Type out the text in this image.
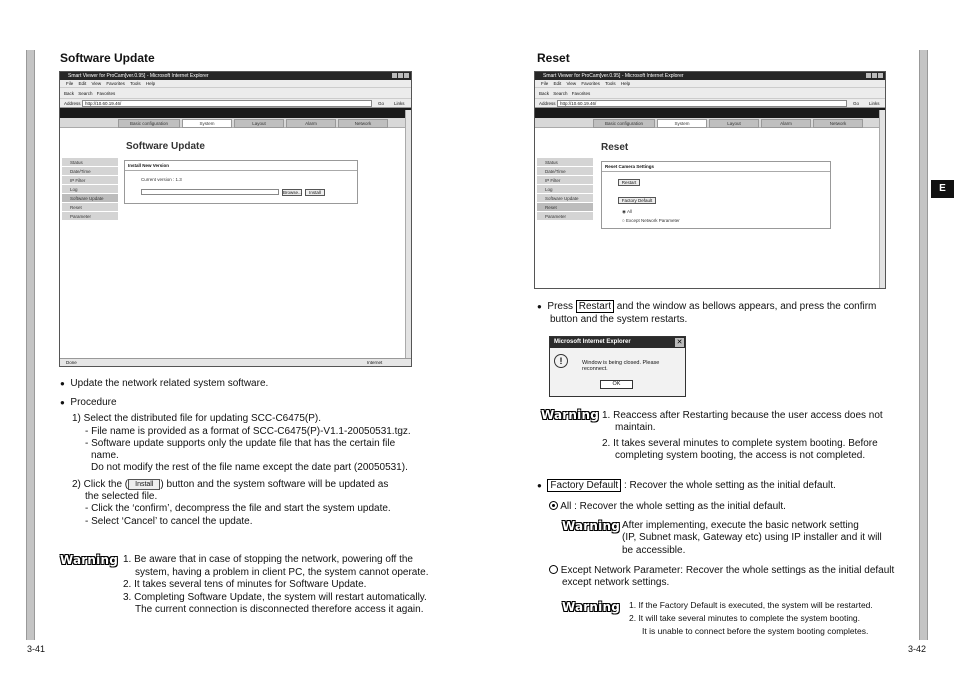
E
Software Update
Smart Viewer for ProCam[ver.0.95] - Microsoft Internet Explorer
File Edit View Favorites Tools Help
Back Search Favorites
Address http://10.60.19.46/	Go Links
Basic configuration	System	Layout	Alarm	Network
Status
Date/Time
IP Filter
Log
Software Update
Reset
Parameter
Software Update
Install New Version
Current version : 1.3
Browse...	Install
Done	Internet
● Update the network related system software.
● Procedure
1) Select the distributed file for updating SCC-C6475(P).
- File name is provided as a format of SCC-C6475(P)-V1.1-20050531.tgz.
- Software update supports only the update file that has the certain file
name.
Do not modify the rest of the file name except the date part (20050531).
2) Click the ( Install ) button and the system software will be updated as
the selected file.
- Click the ‘confirm’, decompress the file and start the system update.
- Select ‘Cancel’ to cancel the update.
Warning 1. Be aware that in case of stopping the network, powering off the
system, having a problem in client PC, the system cannot operate.
2. It takes several tens of minutes for Software Update.
3. Completing Software Update, the system will restart automatically.
The current connection is disconnected therefore access it again.
3-41
Reset
Smart Viewer for ProCam[ver.0.95] - Microsoft Internet Explorer
File Edit View Favorites Tools Help
Back Search Favorites
Address http://10.60.19.46/	Go Links
Basic configuration	System	Layout	Alarm	Network
Status
Date/Time
IP Filter
Log
Software Update
Reset
Parameter
Reset
Reset Camera Settings
Restart
Factory Default
◉ All
○ Except Network Parameter
● Press Restart and the window as bellows appears, and press the confirm
button and the system restarts.
Microsoft Internet Explorer	✕
!	Window is being closed. Please reconnect.
OK
Warning 1. Reaccess after Restarting because the user access does not
maintain.
2. It takes several minutes to complete system booting. Before
completing system booting, the access is not completed.
● Factory Default : Recover the whole setting as the initial default.
All : Recover the whole setting as the initial default.
Warning After implementing, execute the basic network setting
(IP, Subnet mask, Gateway etc) using IP installer and it will
be accessible.
Except Network Parameter: Recover the whole settings as the initial default
except network settings.
Warning 1. If the Factory Default is executed, the system will be restarted.
2. It will take several minutes to complete the system booting.
It is unable to connect before the system booting completes.
3-42
